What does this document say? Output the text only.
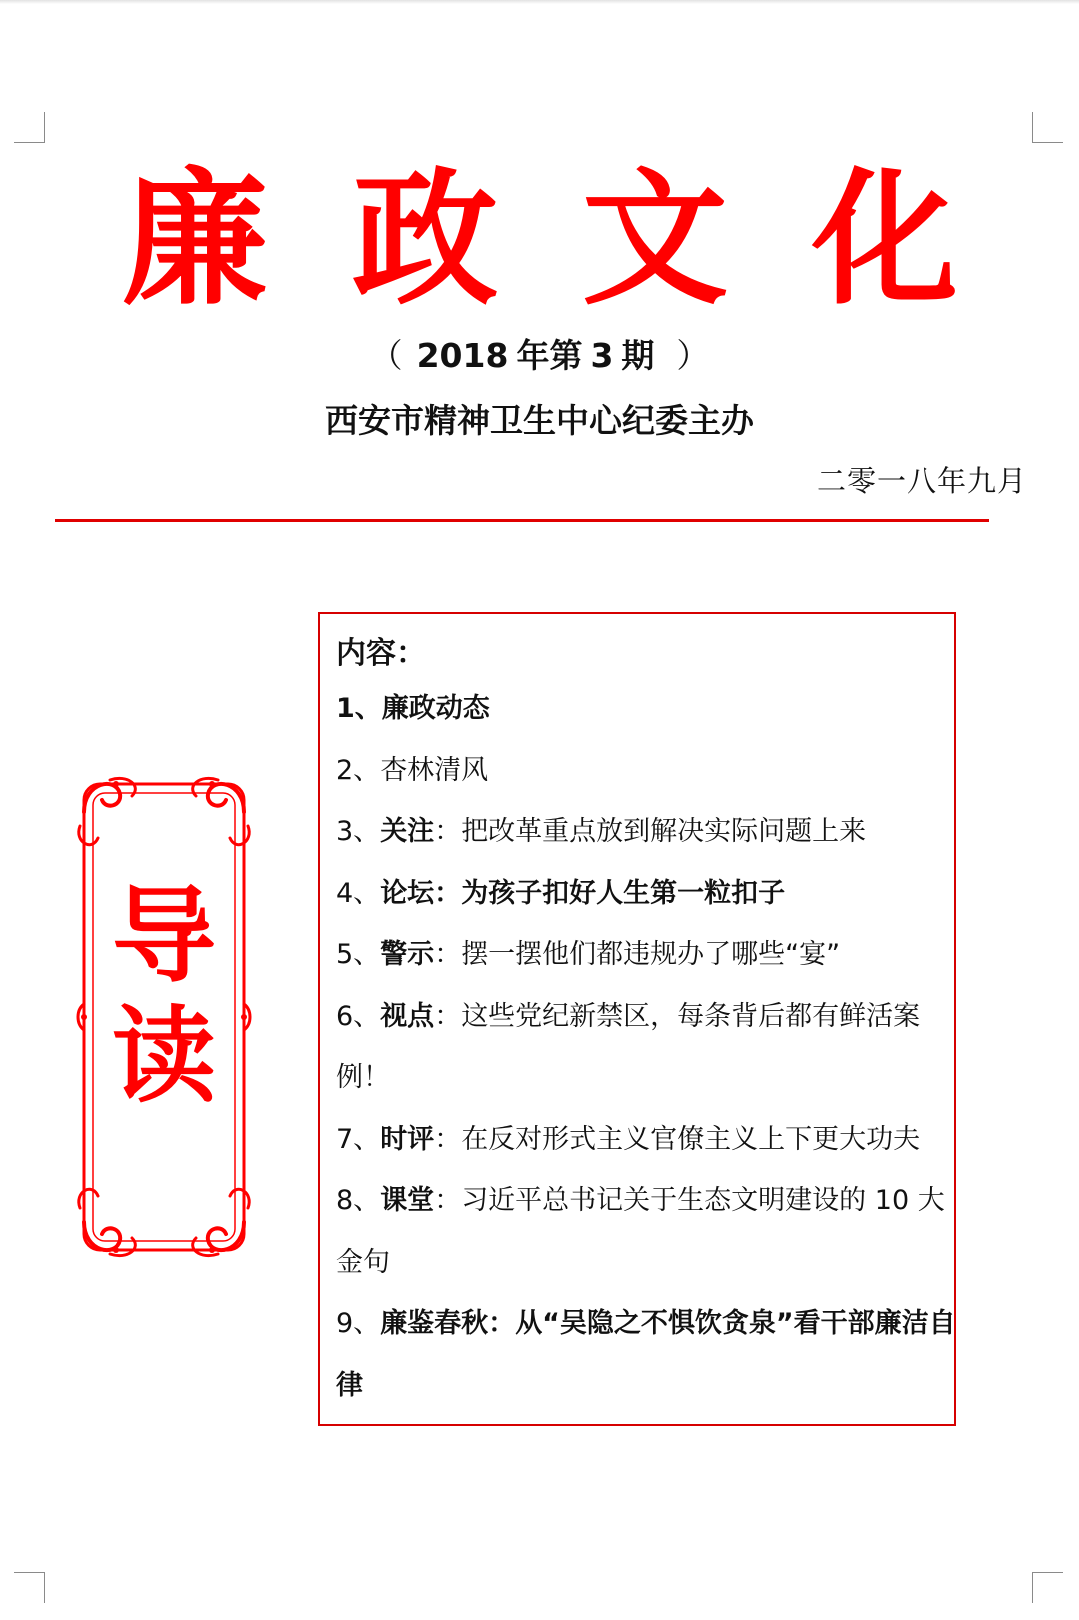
廉 政 文 化
（ 2018 年第 3 期 ）
西安市精神卫生中心纪委主办
二零一八年九月
导
读
内容：
1、廉政动态
2、杏林清风
3、关注：把改革重点放到解决实际问题上来
4、论坛：为孩子扣好人生第一粒扣子
5、警示：摆一摆他们都违规办了哪些“宴”
6、视点：这些党纪新禁区，每条背后都有鲜活案
例！
7、时评：在反对形式主义官僚主义上下更大功夫
8、课堂：习近平总书记关于生态文明建设的 10 大
金句
9、廉鉴春秋：从“吴隐之不惧饮贪泉”看干部廉洁自
律
